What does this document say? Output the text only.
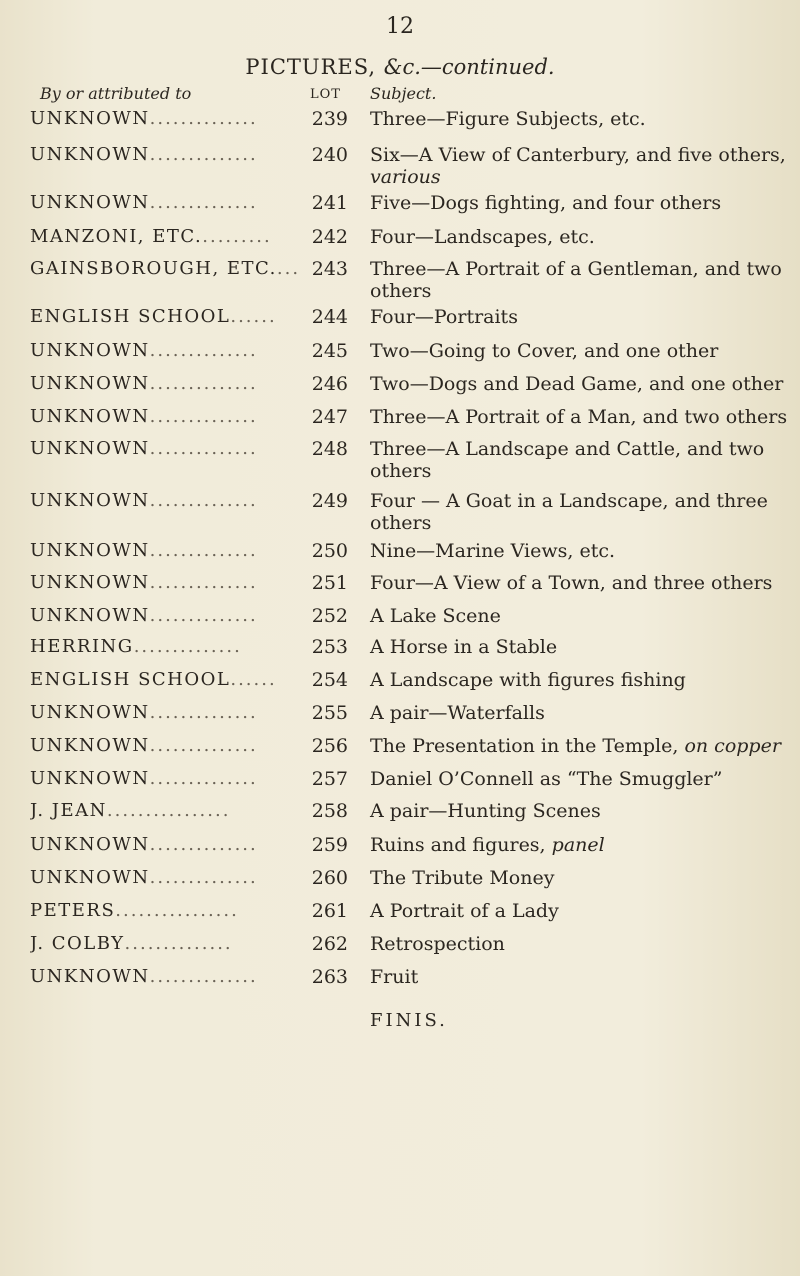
12
PICTURES, &c.—continued.
By or attributed to	LOT Subject.
UNKNOWN..............	239 Three—Figure Subjects, etc.
UNKNOWN..............	240 Six—A View of Canterbury, and five others,
various
UNKNOWN..............	241 Five—Dogs fighting, and four others
MANZONI, ETC..........	242 Four—Landscapes, etc.
GAINSBOROUGH, ETC.... 243 Three—A Portrait of a Gentleman, and two others
ENGLISH SCHOOL......	244 Four—Portraits
UNKNOWN..............	245 Two—Going to Cover, and one other
UNKNOWN..............	246 Two—Dogs and Dead Game, and one other
UNKNOWN..............	247 Three—A Portrait of a Man, and two others
UNKNOWN..............	248 Three—A Landscape and Cattle, and two others
UNKNOWN..............	249 Four — A Goat in a Landscape, and three others
UNKNOWN..............	250 Nine—Marine Views, etc.
UNKNOWN..............	251 Four—A View of a Town, and three others
UNKNOWN..............	252 A Lake Scene
HERRING..............	253 A Horse in a Stable
ENGLISH SCHOOL......	254 A Landscape with figures fishing
UNKNOWN..............	255 A pair—Waterfalls
UNKNOWN..............	256 The Presentation in the Temple, on copper
UNKNOWN..............	257 Daniel O’Connell as “The Smuggler”
J. JEAN................	258 A pair—Hunting Scenes
UNKNOWN..............	259 Ruins and figures, panel
UNKNOWN..............	260 The Tribute Money
PETERS................	261 A Portrait of a Lady
J. COLBY..............	262 Retrospection
UNKNOWN..............	263 Fruit
FINIS.
